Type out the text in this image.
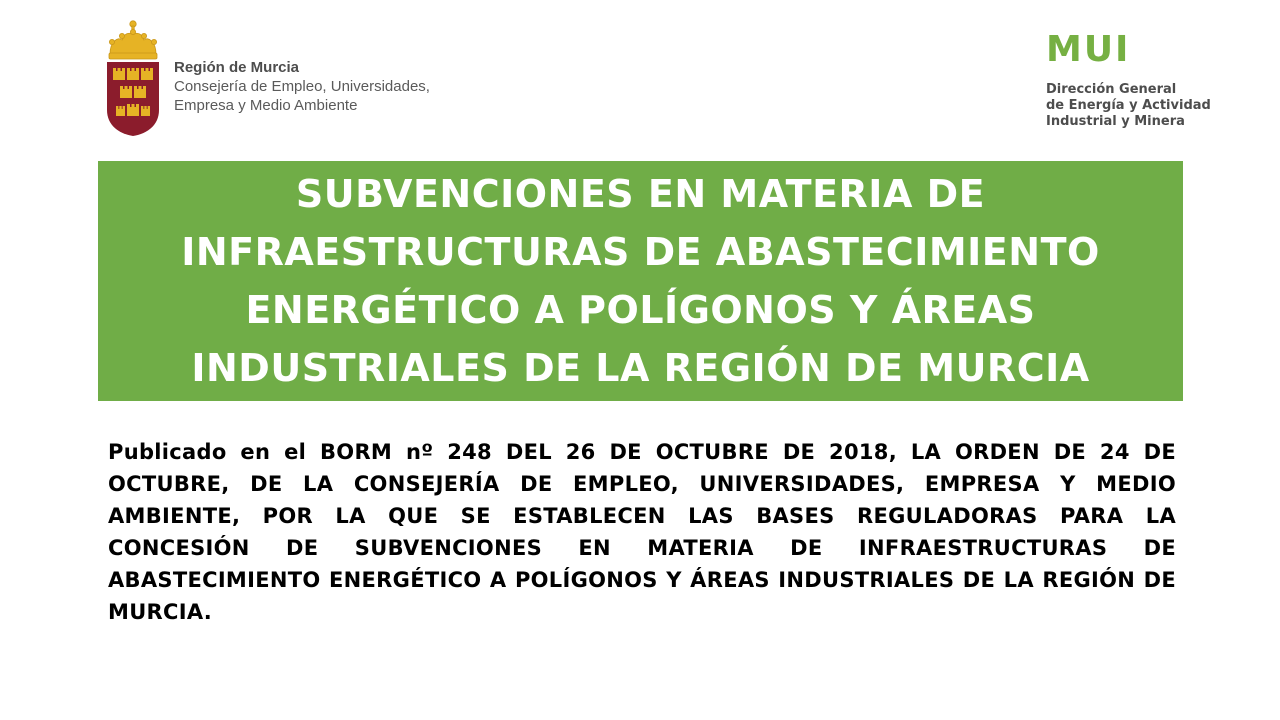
Región de Murcia
Consejería de Empleo, Universidades,
Empresa y Medio Ambiente
MUI
Dirección General
de Energía y Actividad
Industrial y Minera
SUBVENCIONES EN MATERIA DE
INFRAESTRUCTURAS DE ABASTECIMIENTO
ENERGÉTICO A POLÍGONOS Y ÁREAS
INDUSTRIALES DE LA REGIÓN DE MURCIA

Publicado en el BORM nº 248 DEL 26 DE OCTUBRE DE 2018, LA ORDEN DE 24 DE OCTUBRE, DE LA CONSEJERÍA DE EMPLEO, UNIVERSIDADES, EMPRESA Y MEDIO AMBIENTE, POR LA QUE SE ESTABLECEN LAS BASES REGULADORAS PARA LA CONCESIÓN DE SUBVENCIONES EN MATERIA DE INFRAESTRUCTURAS DE ABASTECIMIENTO ENERGÉTICO A POLÍGONOS Y ÁREAS INDUSTRIALES DE LA REGIÓN DE MURCIA.
